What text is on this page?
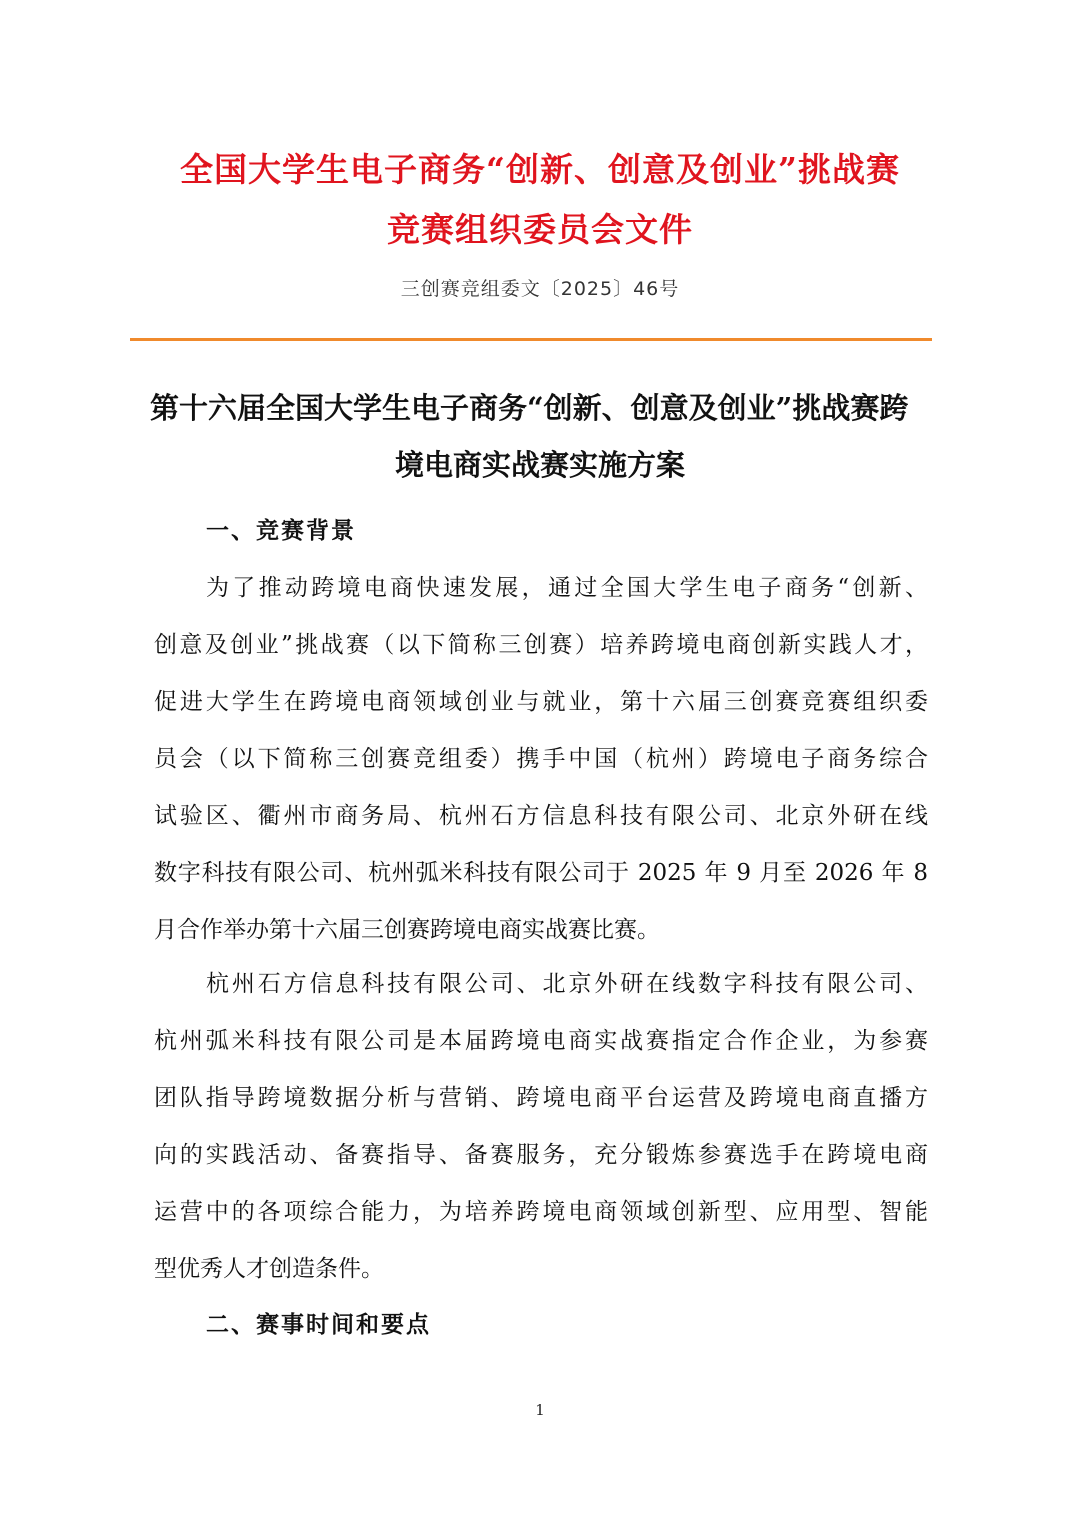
全国大学生电子商务“创新、创意及创业”挑战赛
竞赛组织委员会文件
三创赛竞组委文〔2025〕46号
第十六届全国大学生电子商务“创新、创意及创业”挑战赛跨
境电商实战赛实施方案
一、竞赛背景
为了推动跨境电商快速发展，通过全国大学生电子商务“创新、
创意及创业”挑战赛（以下简称三创赛）培养跨境电商创新实践人才，
促进大学生在跨境电商领域创业与就业，第十六届三创赛竞赛组织委
员会（以下简称三创赛竞组委）携手中国（杭州）跨境电子商务综合
试验区、衢州市商务局、杭州石方信息科技有限公司、北京外研在线
数字科技有限公司、杭州弧米科技有限公司于 2025 年 9 月至 2026 年 8
月合作举办第十六届三创赛跨境电商实战赛比赛。
杭州石方信息科技有限公司、北京外研在线数字科技有限公司、
杭州弧米科技有限公司是本届跨境电商实战赛指定合作企业，为参赛
团队指导跨境数据分析与营销、跨境电商平台运营及跨境电商直播方
向的实践活动、备赛指导、备赛服务，充分锻炼参赛选手在跨境电商
运营中的各项综合能力，为培养跨境电商领域创新型、应用型、智能
型优秀人才创造条件。
二、赛事时间和要点
1
